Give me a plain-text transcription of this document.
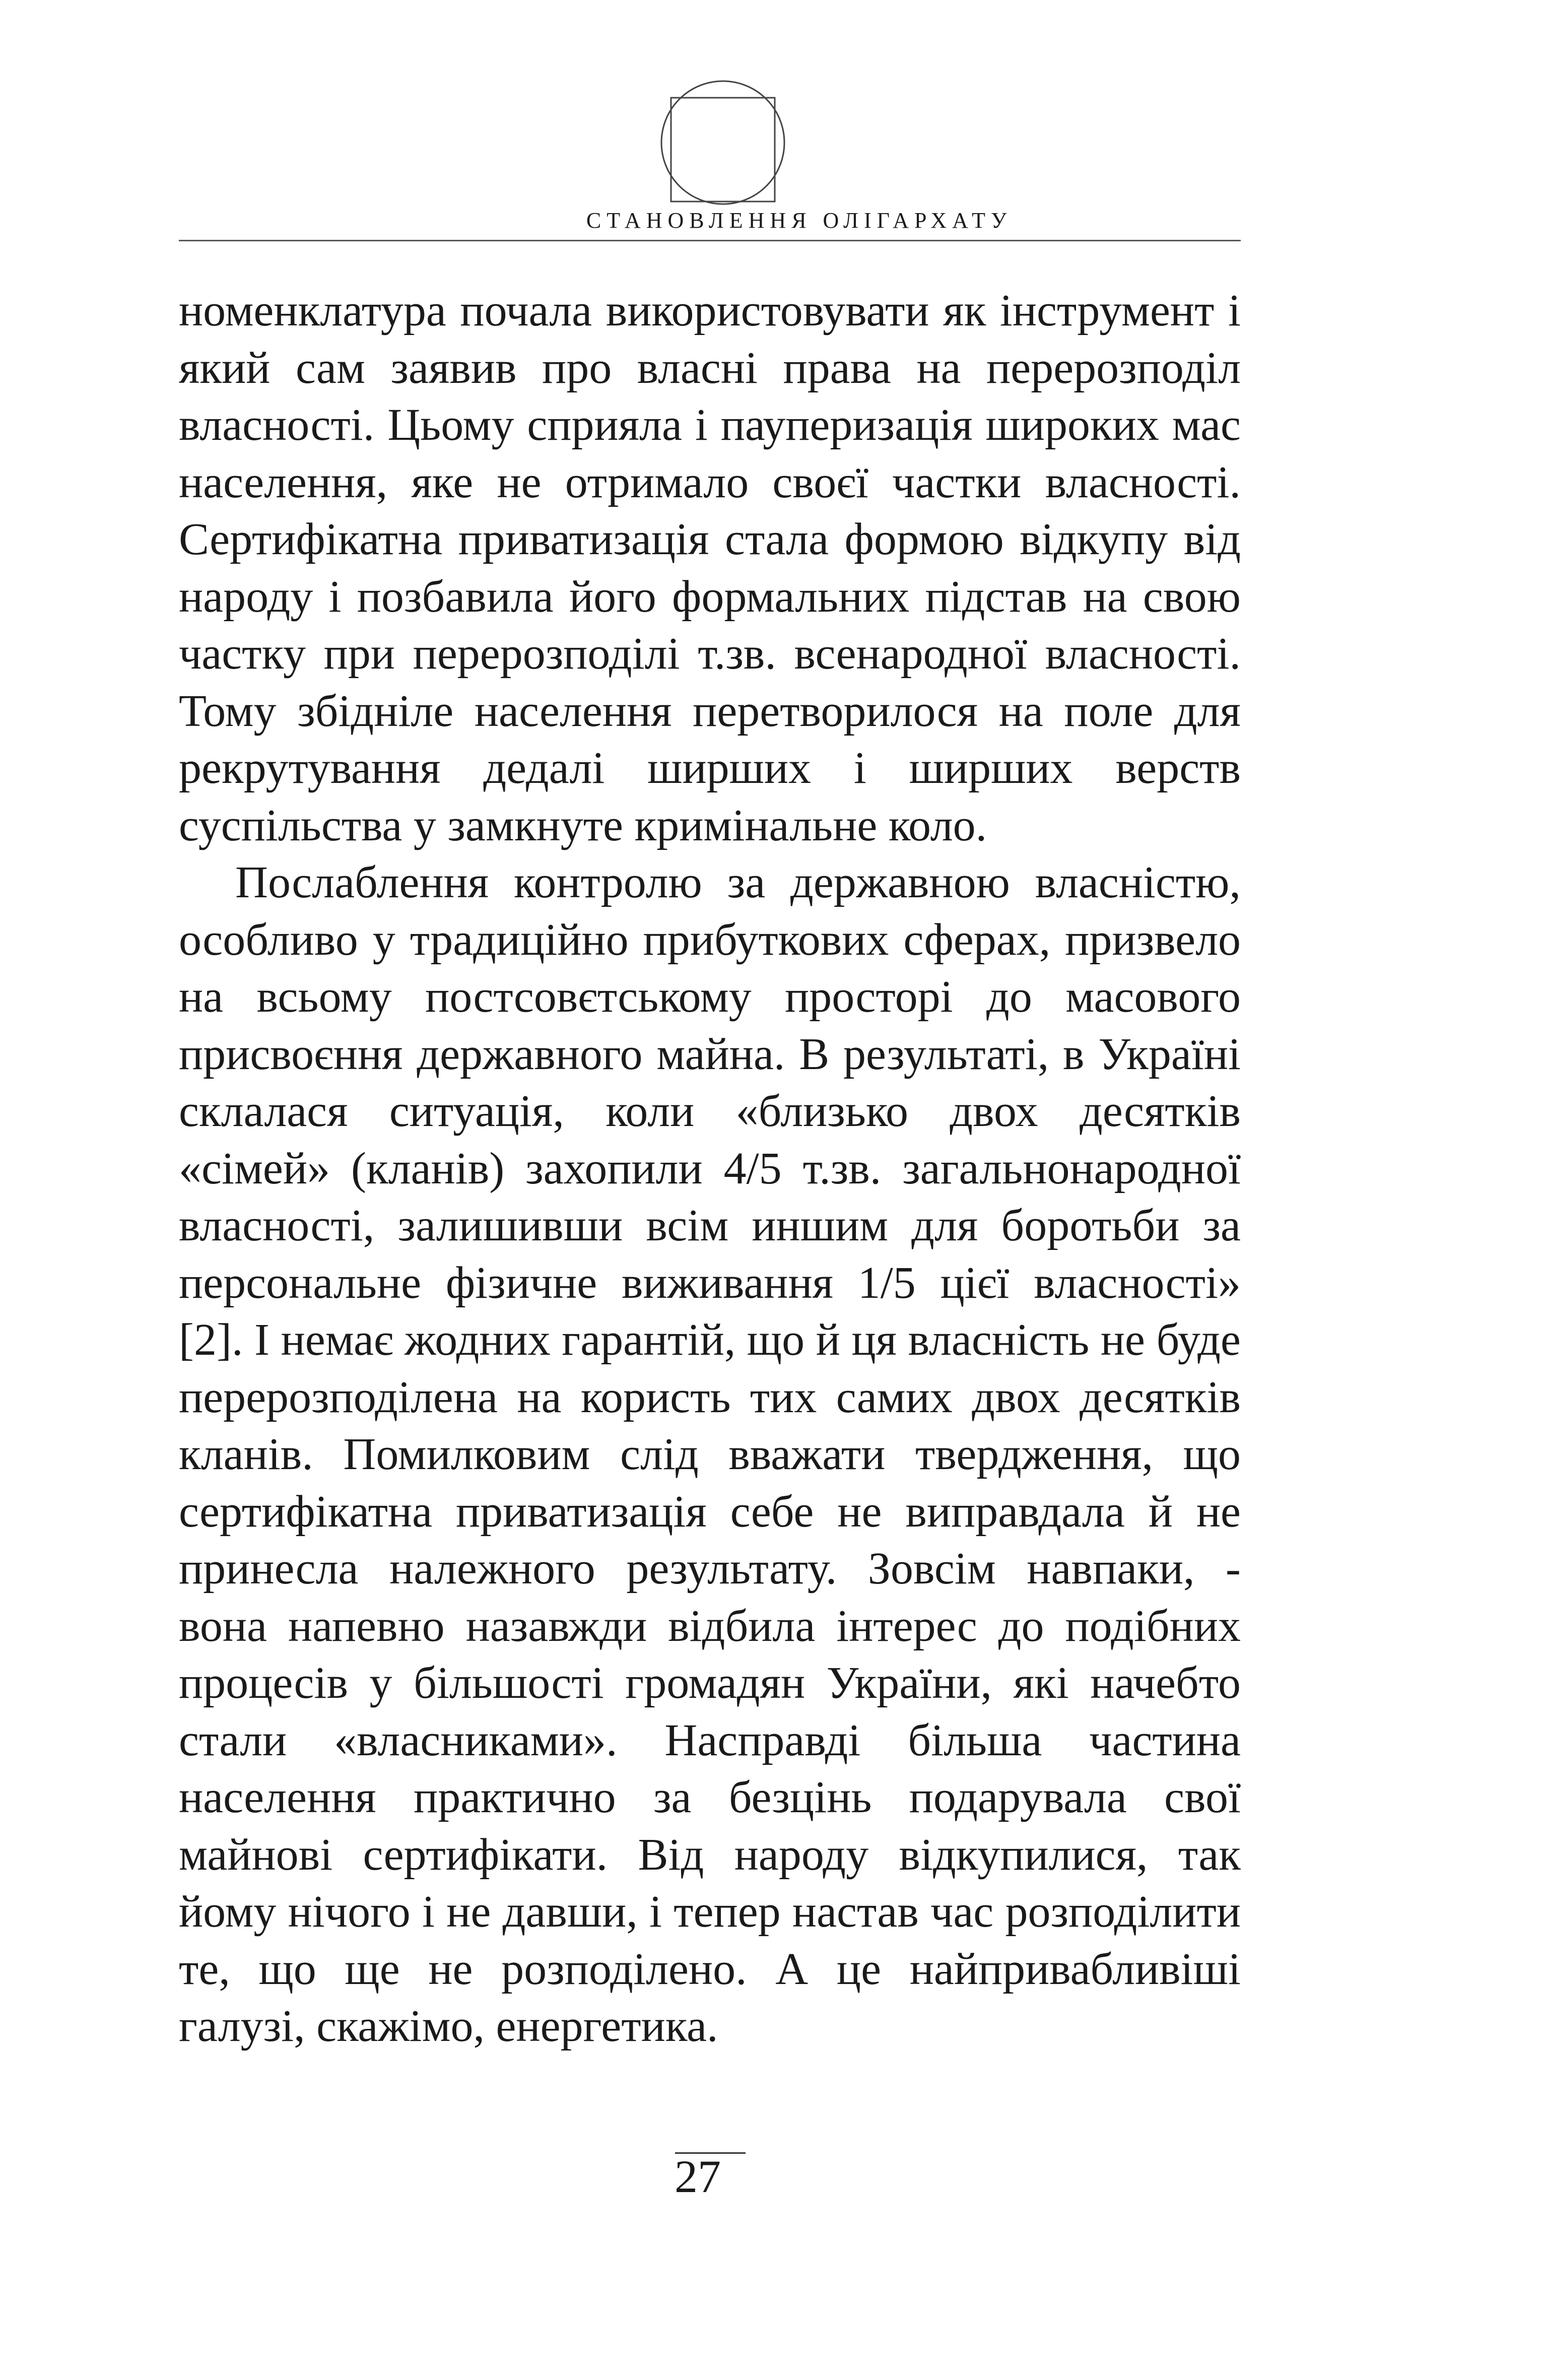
СТАНОВЛЕННЯ ОЛІГАРХАТУ

номенклатура почала використовувати як інструмент і який сам заявив про власні права на перерозподіл власності. Цьому сприяла і пауперизація широких мас населення, яке не отримало своєї частки власності. Сертифікатна приватизація стала формою відкупу від народу і позбавила його формальних підстав на свою частку при перерозподілі т.зв. всенародної власності. Тому збідніле населення перетворилося на поле для рекрутування дедалі ширших і ширших верств суспільства у замкнуте кримінальне коло.

Послаблення контролю за державною власністю, особливо у традиційно прибуткових сферах, призвело на всьому постсовєтському просторі до масового присвоєння державного майна. В результаті, в Україні склалася ситуація, коли «близько двох десятків «сімей» (кланів) захопили 4/5 т.зв. загальнонародної власності, залишивши всім иншим для боротьби за персональне фізичне виживання 1/5 цієї власності» [2]. І немає жодних гарантій, що й ця власність не буде перерозподілена на користь тих самих двох десятків кланів. Помилковим слід вважати твердження, що сертифікатна приватизація себе не виправдала й не принесла належного результату. Зовсім навпаки, - вона напевно назавжди відбила інтерес до подібних процесів у більшості громадян України, які начебто стали «власниками». Насправді більша частина населення практично за безцінь подарувала свої майнові сертифікати. Від народу відкупилися, так йому нічого і не давши, і тепер настав час розподілити те, що ще не розподілено. А це найпривабливіші галузі, скажімо, енергетика.

27
